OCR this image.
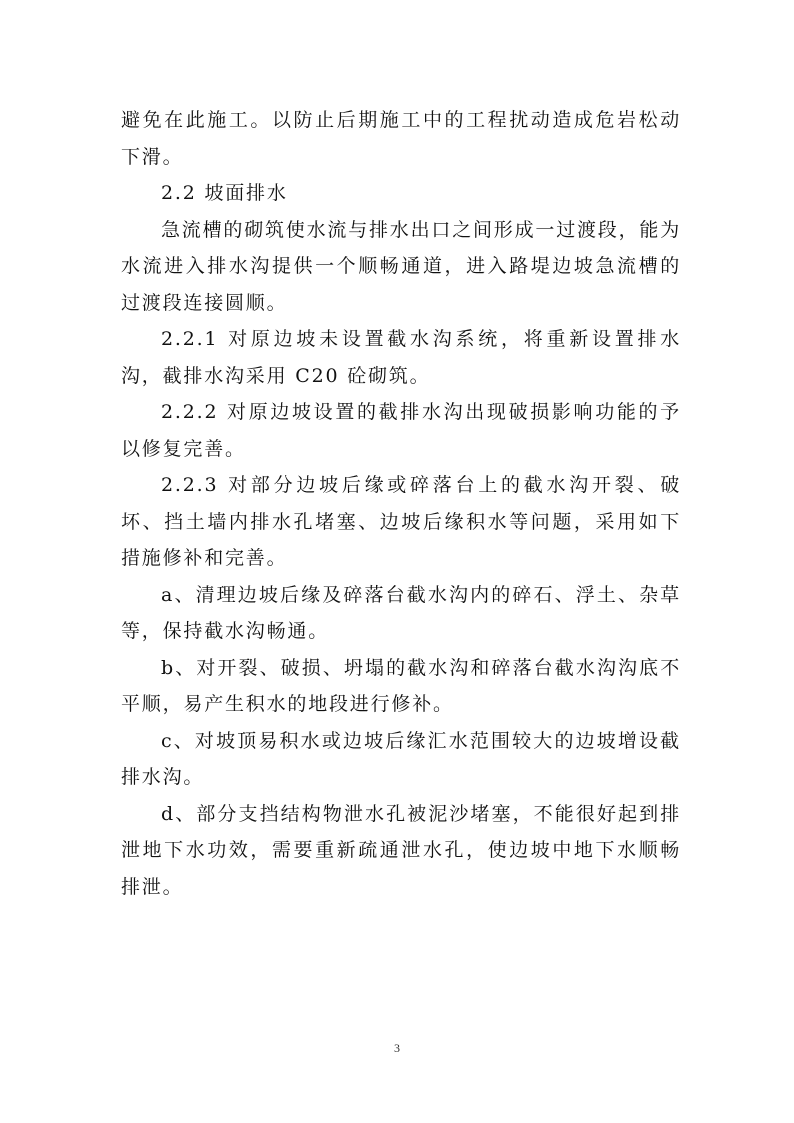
避免在此施工。以防止后期施工中的工程扰动造成危岩松动下滑。

2.2 坡面排水

急流槽的砌筑使水流与排水出口之间形成一过渡段，能为水流进入排水沟提供一个顺畅通道，进入路堤边坡急流槽的过渡段连接圆顺。

2.2.1 对原边坡未设置截水沟系统，将重新设置排水沟，截排水沟采用 C20 砼砌筑。

2.2.2 对原边坡设置的截排水沟出现破损影响功能的予以修复完善。

2.2.3 对部分边坡后缘或碎落台上的截水沟开裂、破坏、挡土墙内排水孔堵塞、边坡后缘积水等问题，采用如下措施修补和完善。

a、清理边坡后缘及碎落台截水沟内的碎石、浮土、杂草等，保持截水沟畅通。

b、对开裂、破损、坍塌的截水沟和碎落台截水沟沟底不平顺，易产生积水的地段进行修补。

c、对坡顶易积水或边坡后缘汇水范围较大的边坡增设截排水沟。

d、部分支挡结构物泄水孔被泥沙堵塞，不能很好起到排泄地下水功效，需要重新疏通泄水孔，使边坡中地下水顺畅排泄。

3
